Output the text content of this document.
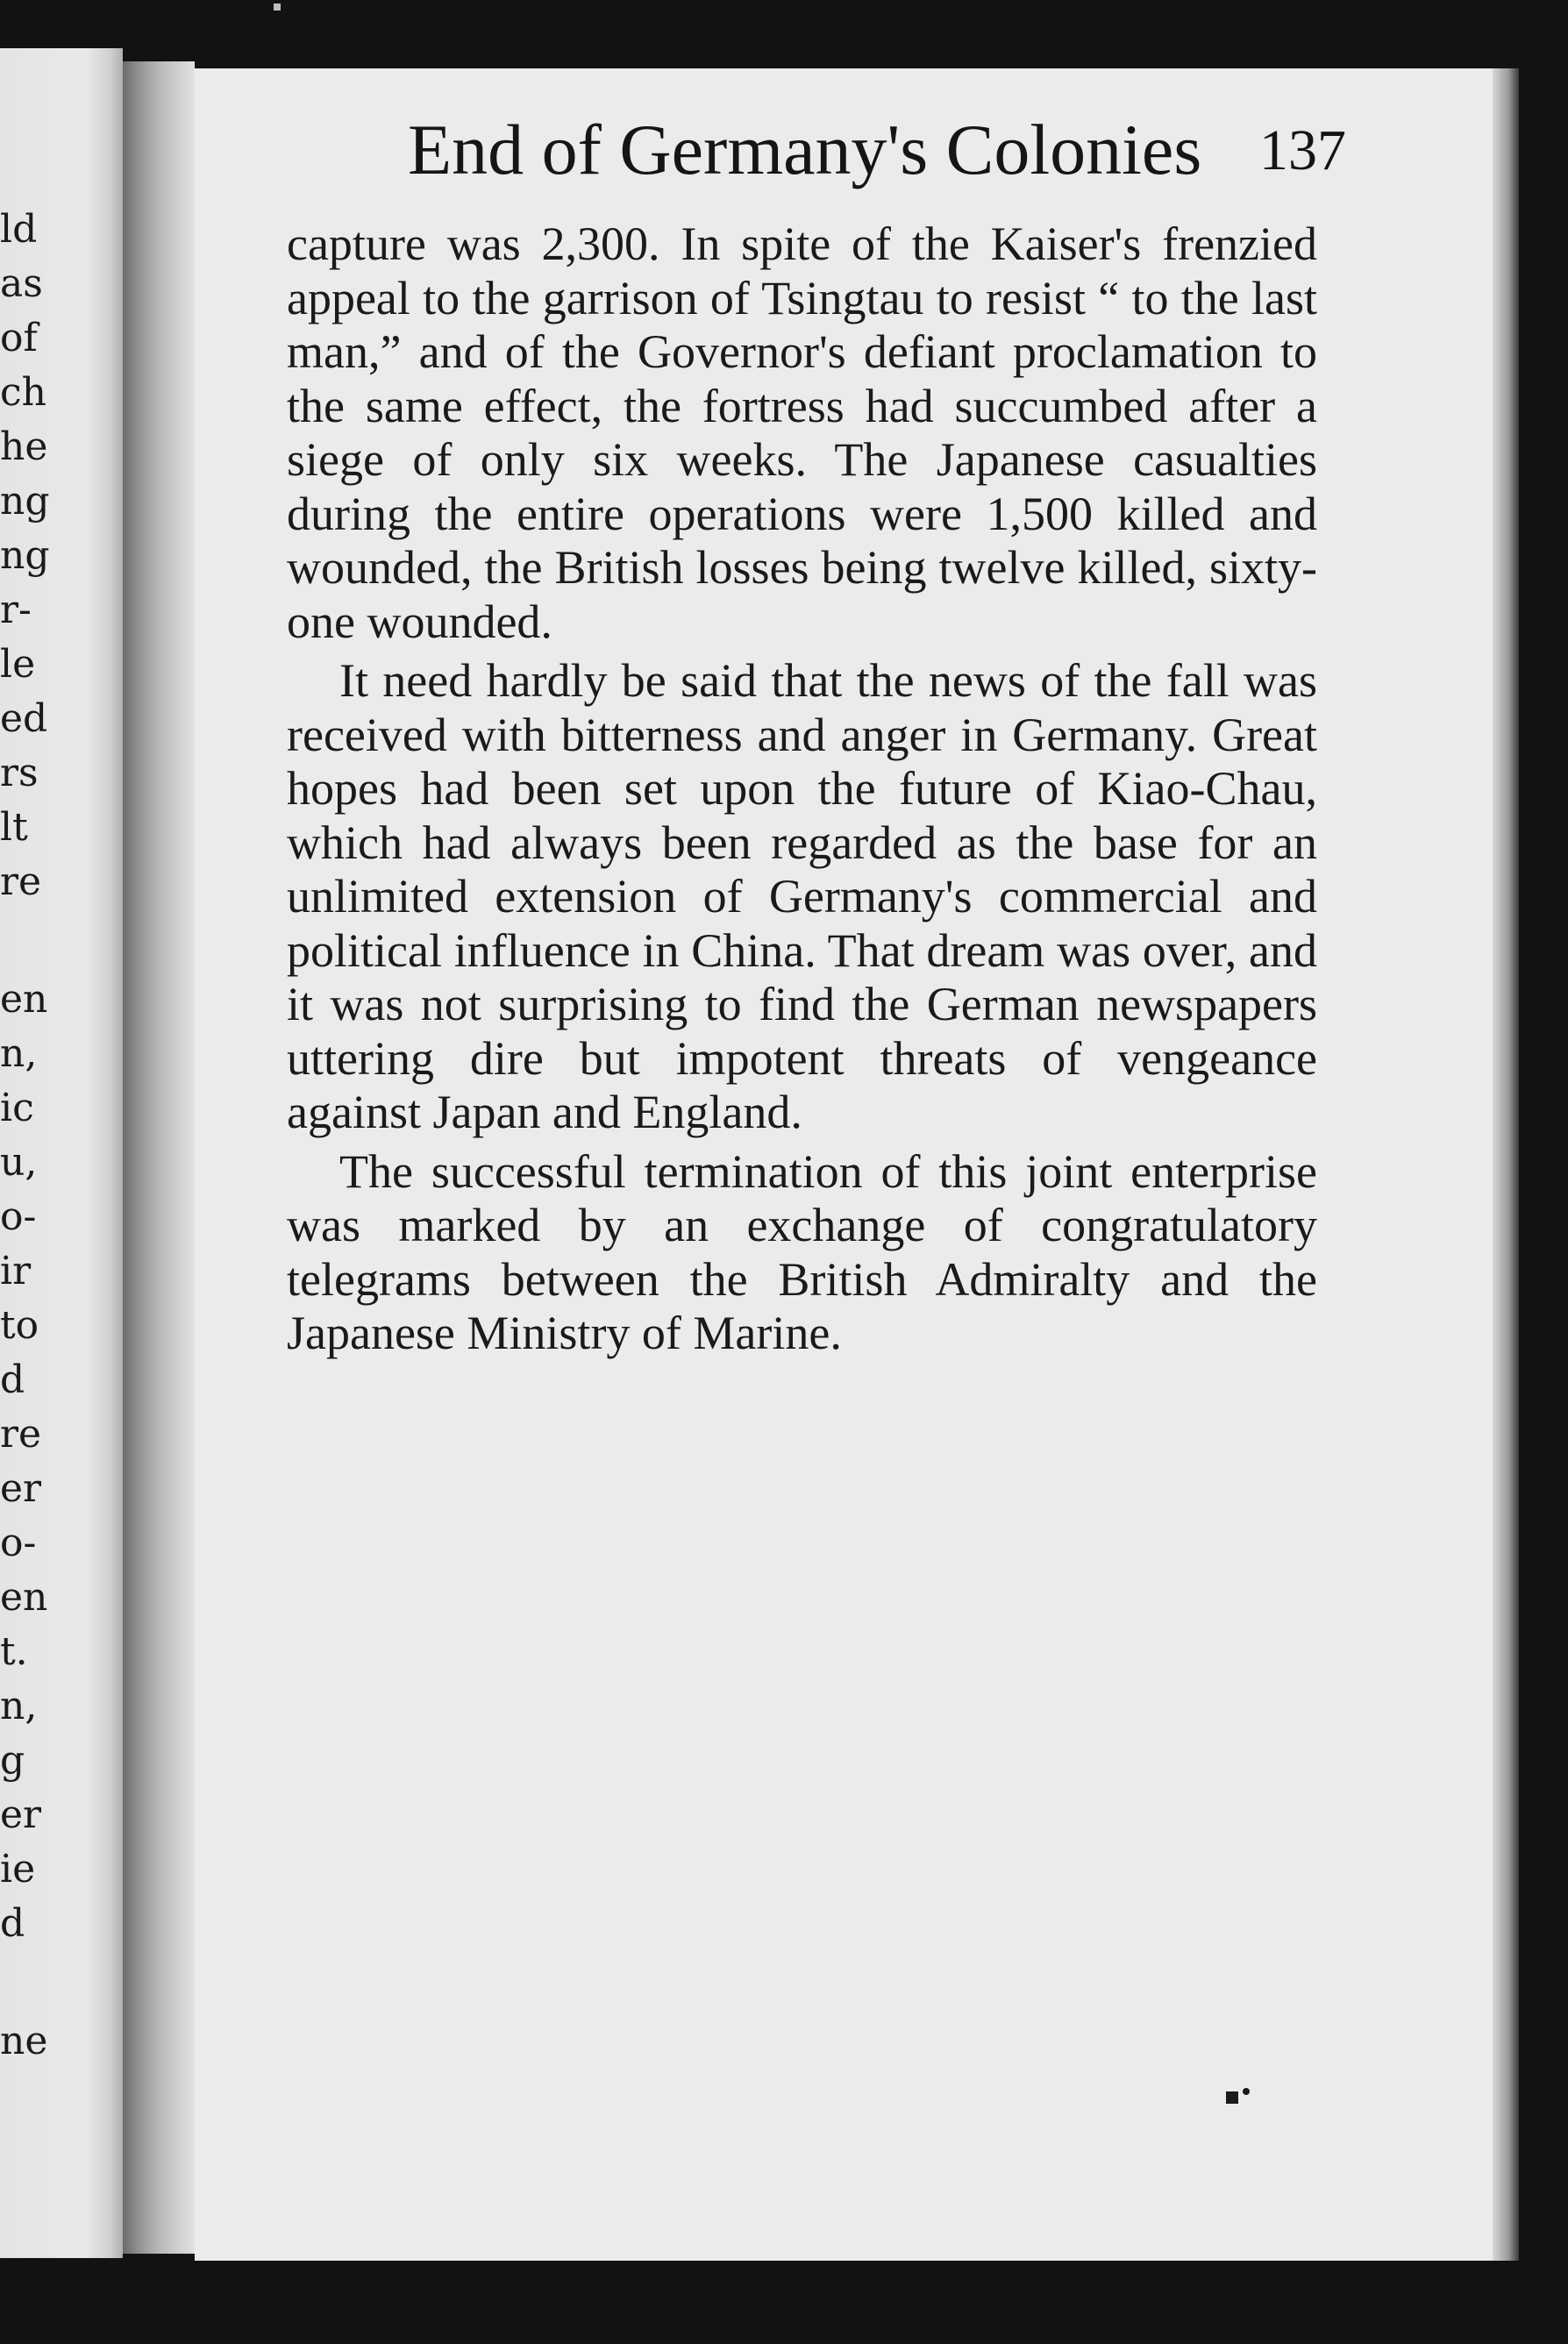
ld
as
of
ch
he
ng
ng
r-
le
ed
rs
lt
re
en
n,
ic
u,
o-
ir
to
d
re
er
o-
en
t.
n,
g
er
ie
d
ne
End of Germany's Colonies 137

capture was 2,300. In spite of the Kaiser's frenzied appeal to the garrison of Tsingtau to resist “ to the last man,” and of the Governor's defiant proclamation to the same effect, the fortress had succumbed after a siege of only six weeks. The Japanese casualties during the entire operations were 1,500 killed and wounded, the British losses being twelve killed, sixty-one wounded.

It need hardly be said that the news of the fall was received with bitterness and anger in Germany. Great hopes had been set upon the future of Kiao-Chau, which had always been regarded as the base for an unlimited extension of Germany's commercial and political influence in China. That dream was over, and it was not surprising to find the German newspapers uttering dire but impotent threats of vengeance against Japan and England.

The successful termination of this joint enterprise was marked by an exchange of congratulatory telegrams between the British Admiralty and the Japanese Ministry of Marine.
